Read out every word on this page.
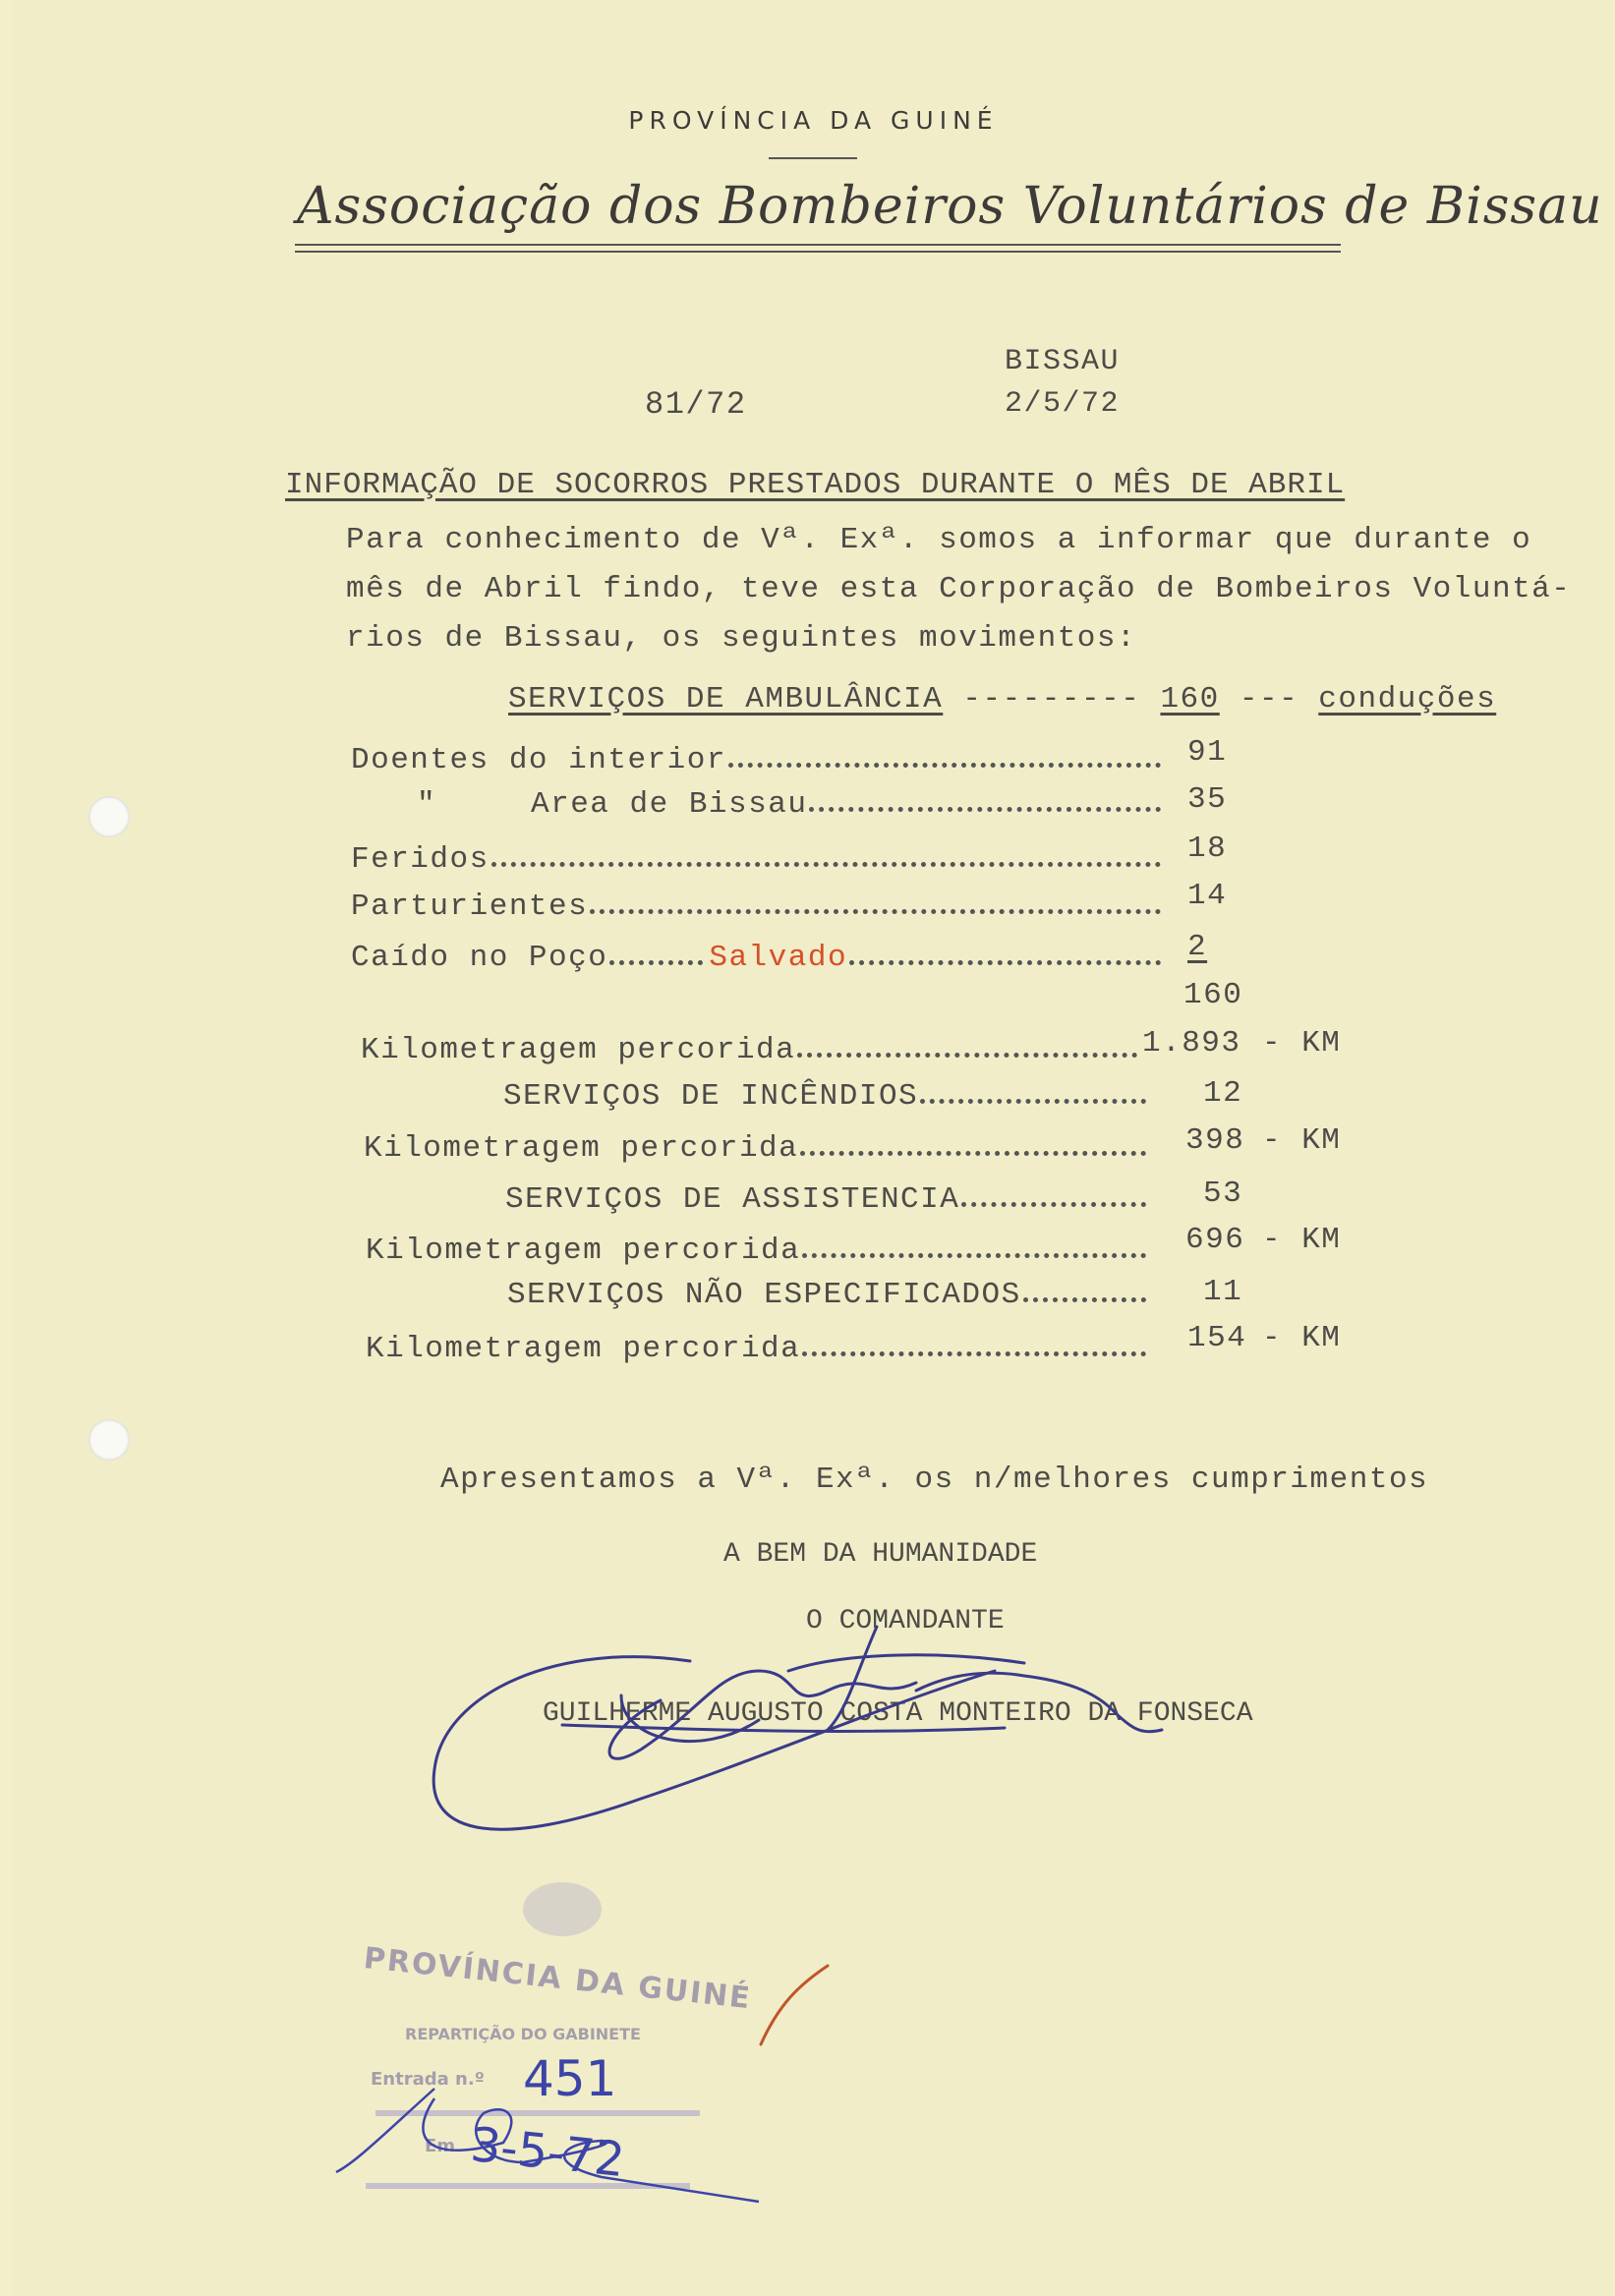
PROVÍNCIA DA GUINÉ
Associação dos Bombeiros Voluntários de Bissau
81/72
BISSAU
2/5/72
INFORMAÇÃO DE SOCORROS PRESTADOS DURANTE O MÊS DE ABRIL
Para conhecimento de Vª. Exª. somos a informar que durante o
mês de Abril findo, teve esta Corporação de Bombeiros Voluntá-
rios de Bissau, os seguintes movimentos:
SERVIÇOS DE AMBULÂNCIA --------- 160 --- conduções
Doentes do interior	91
"	Area de Bissau	35
Feridos	18
Parturientes	14
Caído no Poço	Salvado	2
160
Kilometragem percorida	1.893 - KM
SERVIÇOS DE INCÊNDIOS	12
Kilometragem percorida	398 - KM
SERVIÇOS DE ASSISTENCIA	53
Kilometragem percorida	696 - KM
SERVIÇOS NÃO ESPECIFICADOS	11
Kilometragem percorida	154 - KM
Apresentamos a Vª. Exª. os n/melhores cumprimentos
A BEM DA HUMANIDADE
O COMANDANTE
GUILHERME AUGUSTO COSTA MONTEIRO DA FONSECA
PROVÍNCIA DA GUINÉ
REPARTIÇÃO DO GABINETE
Entrada n.º 451
Em 3-5-72
